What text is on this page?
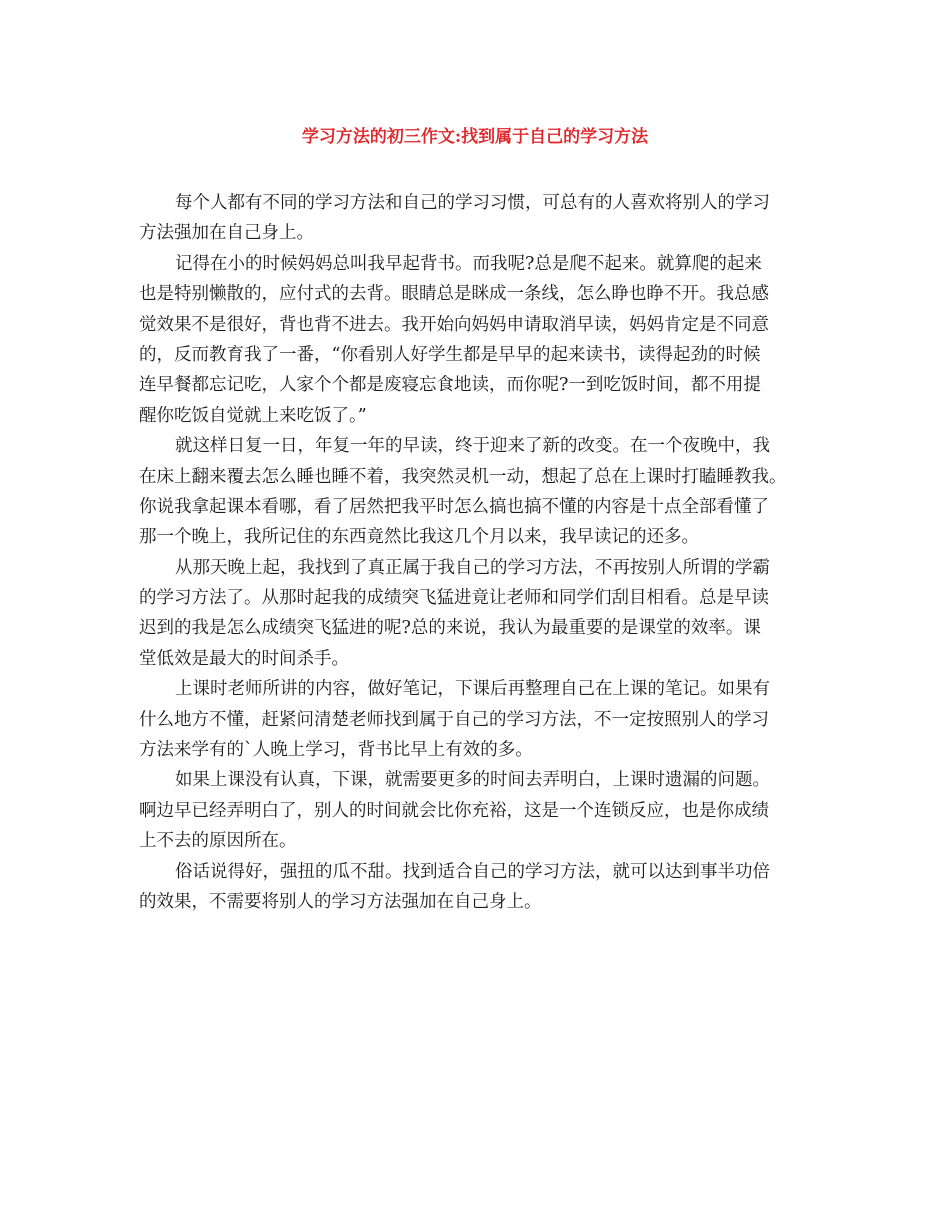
学习方法的初三作文:找到属于自己的学习方法
每个人都有不同的学习方法和自己的学习习惯，可总有的人喜欢将别人的学习
方法强加在自己身上。
记得在小的时候妈妈总叫我早起背书。而我呢?总是爬不起来。就算爬的起来
也是特别懒散的，应付式的去背。眼睛总是眯成一条线，怎么睁也睁不开。我总感
觉效果不是很好，背也背不进去。我开始向妈妈申请取消早读，妈妈肯定是不同意
的，反而教育我了一番，“你看别人好学生都是早早的起来读书，读得起劲的时候
连早餐都忘记吃，人家个个都是废寝忘食地读，而你呢?一到吃饭时间，都不用提
醒你吃饭自觉就上来吃饭了。”
就这样日复一日，年复一年的早读，终于迎来了新的改变。在一个夜晚中，我
在床上翻来覆去怎么睡也睡不着，我突然灵机一动，想起了总在上课时打瞌睡教我。
你说我拿起课本看哪，看了居然把我平时怎么搞也搞不懂的内容是十点全部看懂了
那一个晚上，我所记住的东西竟然比我这几个月以来，我早读记的还多。
从那天晚上起，我找到了真正属于我自己的学习方法，不再按别人所谓的学霸
的学习方法了。从那时起我的成绩突飞猛进竟让老师和同学们刮目相看。总是早读
迟到的我是怎么成绩突飞猛进的呢?总的来说，我认为最重要的是课堂的效率。课
堂低效是最大的时间杀手。
上课时老师所讲的内容，做好笔记，下课后再整理自己在上课的笔记。如果有
什么地方不懂，赶紧问清楚老师找到属于自己的学习方法，不一定按照别人的学习
方法来学有的`人晚上学习，背书比早上有效的多。
如果上课没有认真，下课，就需要更多的时间去弄明白，上课时遗漏的问题。
啊边早已经弄明白了，别人的时间就会比你充裕，这是一个连锁反应，也是你成绩
上不去的原因所在。
俗话说得好，强扭的瓜不甜。找到适合自己的学习方法，就可以达到事半功倍
的效果，不需要将别人的学习方法强加在自己身上。
